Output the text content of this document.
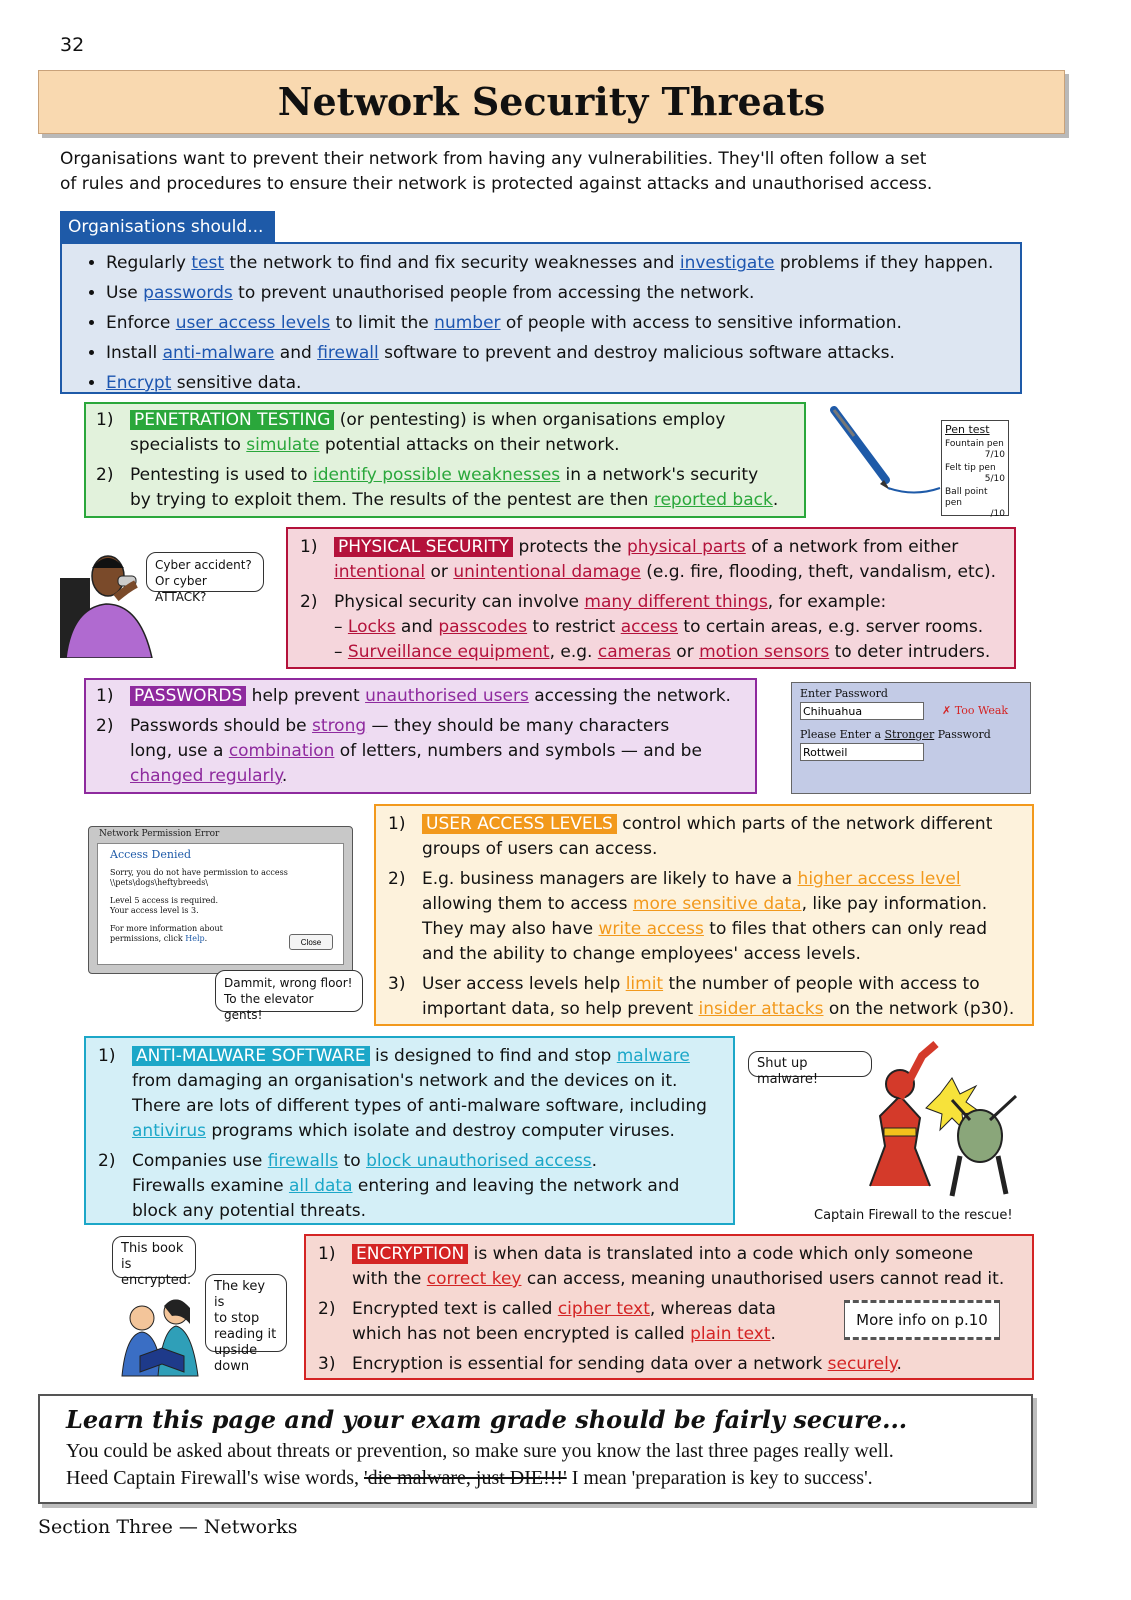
32
Network Security Threats
Organisations want to prevent their network from having any vulnerabilities. They'll often follow a set
of rules and procedures to ensure their network is protected against attacks and unauthorised access.
Organisations should...
• Regularly test the network to find and fix security weaknesses and investigate problems if they happen.
• Use passwords to prevent unauthorised people from accessing the network.
• Enforce user access levels to limit the number of people with access to sensitive information.
• Install anti-malware and firewall software to prevent and destroy malicious software attacks.
• Encrypt sensitive data.
1) PENETRATION TESTING (or pentesting) is when organisations employ
specialists to simulate potential attacks on their network.
2) Pentesting is used to identify possible weaknesses in a network's security
by trying to exploit them. The results of the pentest are then reported back.
Pen test
Fountain pen
7/10
Felt tip pen
5/10
Ball point pen
/10
Cyber accident?
Or cyber ATTACK?
1) PHYSICAL SECURITY protects the physical parts of a network from either
intentional or unintentional damage (e.g. fire, flooding, theft, vandalism, etc).
2) Physical security can involve many different things, for example:
– Locks and passcodes to restrict access to certain areas, e.g. server rooms.
– Surveillance equipment, e.g. cameras or motion sensors to deter intruders.
1) PASSWORDS help prevent unauthorised users accessing the network.
2) Passwords should be strong — they should be many characters
long, use a combination of letters, numbers and symbols — and be
changed regularly.
Enter Password
Chihuahua
✗ Too Weak
Please Enter a Stronger Password
Rottweil
Network Permission Error
Access Denied
Sorry, you do not have permission to access
\\pets\dogs\heftybreeds\
Level 5 access is required.
Your access level is 3.
For more information about
permissions, click Help.	Close
Dammit, wrong floor!
To the elevator gents!
1) USER ACCESS LEVELS control which parts of the network different
groups of users can access.
2) E.g. business managers are likely to have a higher access level
allowing them to access more sensitive data, like pay information.
They may also have write access to files that others can only read
and the ability to change employees' access levels.
3) User access levels help limit the number of people with access to
important data, so help prevent insider attacks on the network (p30).
1) ANTI-MALWARE SOFTWARE is designed to find and stop malware
from damaging an organisation's network and the devices on it.
There are lots of different types of anti-malware software, including
antivirus programs which isolate and destroy computer viruses.
2) Companies use firewalls to block unauthorised access.
Firewalls examine all data entering and leaving the network and
block any potential threats.
Shut up malware!
Captain Firewall to the rescue!
This book is
encrypted. The key is
to stop
reading it
upside down
1) ENCRYPTION is when data is translated into a code which only someone
with the correct key can access, meaning unauthorised users cannot read it.
2) Encrypted text is called cipher text, whereas data
which has not been encrypted is called plain text.
3) Encryption is essential for sending data over a network securely.
More info on p.10
Learn this page and your exam grade should be fairly secure...
You could be asked about threats or prevention, so make sure you know the last three pages really well.
Heed Captain Firewall's wise words, 'die malware, just DIE!!!' I mean 'preparation is key to success'.
Section Three — Networks
